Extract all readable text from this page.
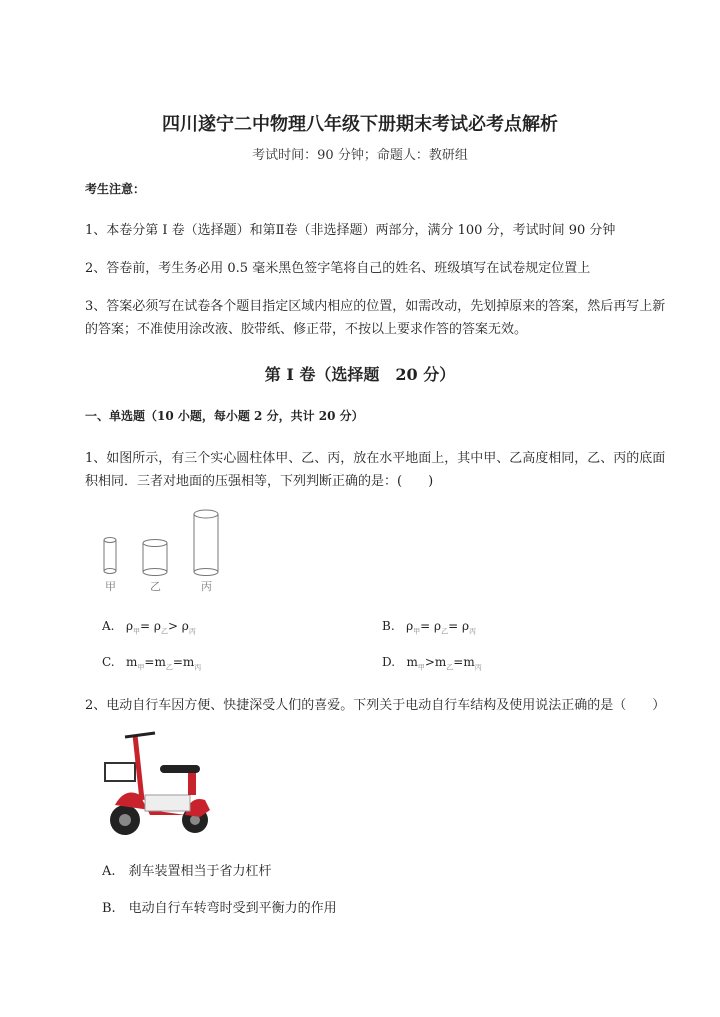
四川遂宁二中物理八年级下册期末考试必考点解析
考试时间：90 分钟；命题人：教研组
考生注意：
1、本卷分第 I 卷（选择题）和第Ⅱ卷（非选择题）两部分，满分 100 分，考试时间 90 分钟
2、答卷前，考生务必用 0.5 毫米黑色签字笔将自己的姓名、班级填写在试卷规定位置上
3、答案必须写在试卷各个题目指定区域内相应的位置，如需改动，先划掉原来的答案，然后再写上新
的答案；不准使用涂改液、胶带纸、修正带，不按以上要求作答的答案无效。
第 I 卷（选择题　20 分）
一、单选题（10 小题，每小题 2 分，共计 20 分）
1、如图所示，有三个实心圆柱体甲、乙、丙，放在水平地面上，其中甲、乙高度相同，乙、丙的底面
积相同．三者对地面的压强相等，下列判断正确的是：(　　)
甲	乙	丙
A. $\rho_甲= \rho_乙> \rho_丙$	B. $\rho_甲= \rho_乙= \rho_丙$
C. $m_甲=m_乙=m_丙$	D. $m_甲>m_乙=m_丙$
2、电动自行车因方便、快捷深受人们的喜爱。下列关于电动自行车结构及使用说法正确的是（　　）
A.　刹车装置相当于省力杠杆
B.　电动自行车转弯时受到平衡力的作用
